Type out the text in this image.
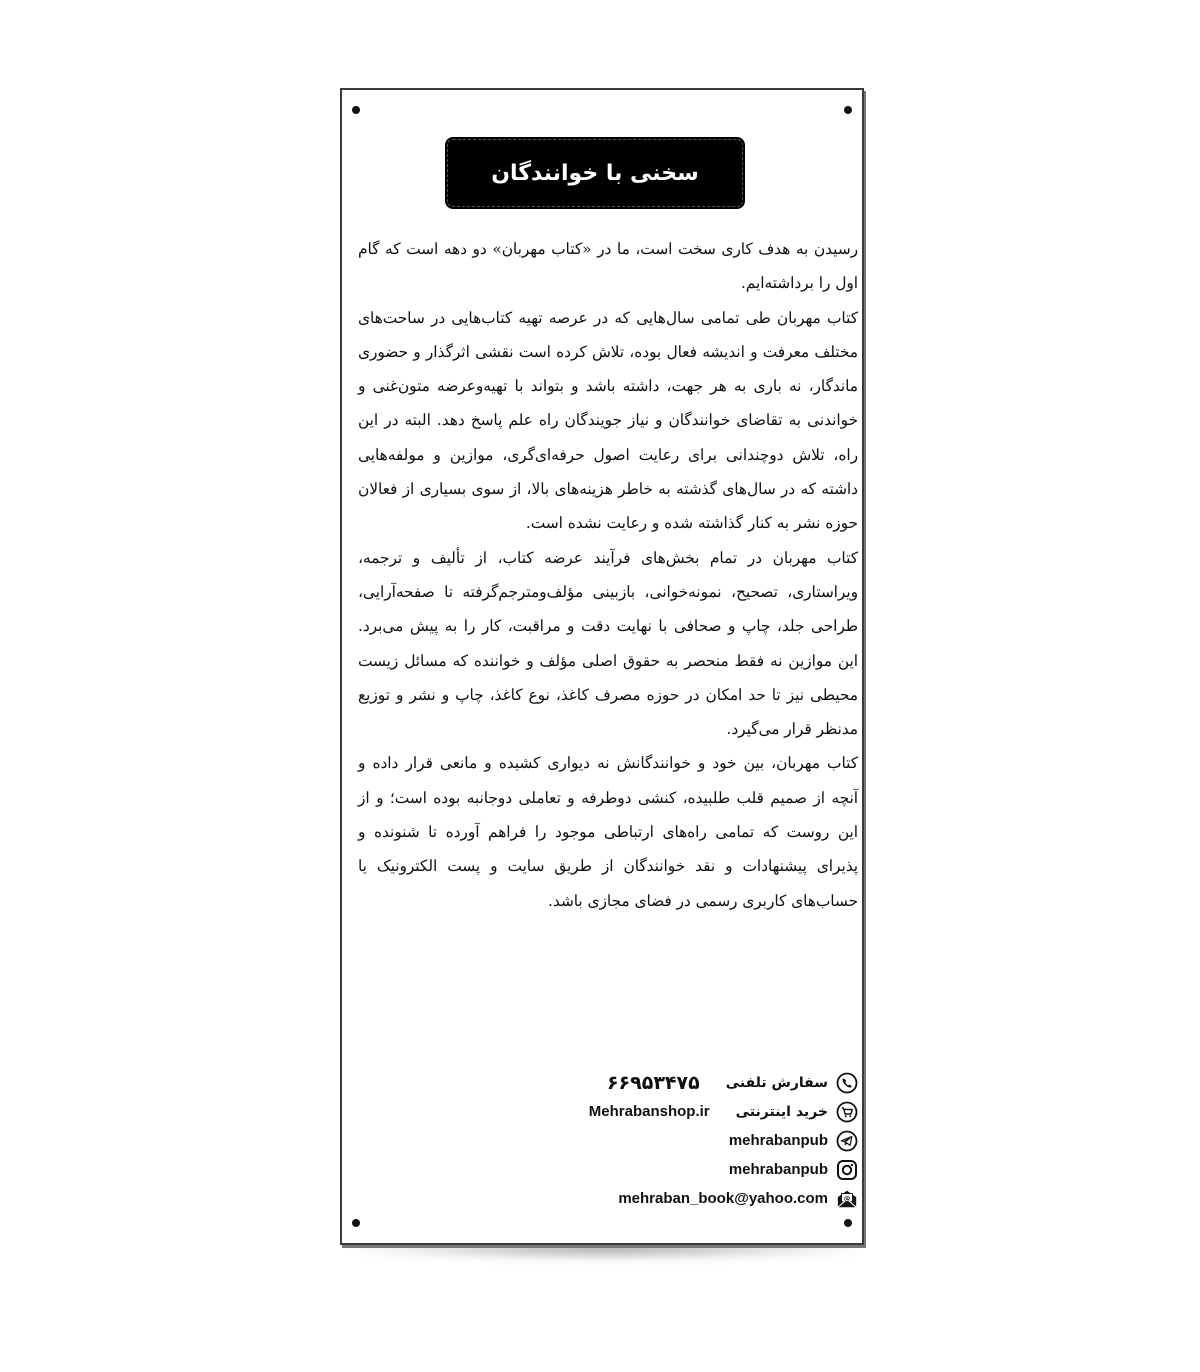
سخنی با خوانندگان

رسیدن به هدف کاری سخت است، ما در «کتاب مهربان» دو دهه است که گام اول را برداشته‌ایم.

کتاب مهربان طی تمامی سال‌هایی که در عرصه تهیه کتاب‌هایی در ساحت‌های مختلف معرفت و اندیشه فعال بوده، تلاش کرده است نقشی اثرگذار و حضوری ماندگار، نه باری به هر جهت، داشته باشد و بتواند با تهیه‌وعرضه متون‌غنی و خواندنی به تقاضای خوانندگان و نیاز جویندگان راه علم پاسخ دهد. البته در این راه، تلاش دوچندانی برای رعایت اصول حرفه‌ای‌گری، موازین و مولفه‌هایی داشته که در سال‌های گذشته به خاطر هزینه‌های بالا، از سوی بسیاری از فعالان حوزه نشر به کنار گذاشته شده و رعایت نشده است.

کتاب مهربان در تمام بخش‌های فرآیند عرضه کتاب، از تألیف و ترجمه، ویراستاری، تصحیح، نمونه‌خوانی، بازبینی مؤلف‌ومترجم‌گرفته تا صفحه‌آرایی، طراحی جلد، چاپ و صحافی با نهایت دقت و مراقبت، کار را به پیش می‌برد. این موازین نه فقط منحصر به حقوق اصلی مؤلف و خواننده که مسائل زیست محیطی نیز تا حد امکان در حوزه مصرف کاغذ، نوع کاغذ، چاپ و نشر و توزیع مدنظر قرار می‌گیرد.

کتاب مهربان، بین خود و خوانندگانش نه دیواری کشیده و مانعی قرار داده و آنچه از صمیم قلب طلبیده، کنشی دوطرفه و تعاملی دوجانبه بوده است؛ و از این روست که تمامی راه‌های ارتباطی موجود را فراهم آورده تا شنونده و پذیرای پیشنهادات و نقد خوانندگان از طریق سایت و پست الکترونیک یا حساب‌های کاربری رسمی در فضای مجازی باشد.

سفارش تلفنی
۶۶۹۵۳۴۷۵
خرید اینترنتی
Mehrabanshop.ir
mehrabanpub
mehrabanpub
@
mehraban_book@yahoo.com
